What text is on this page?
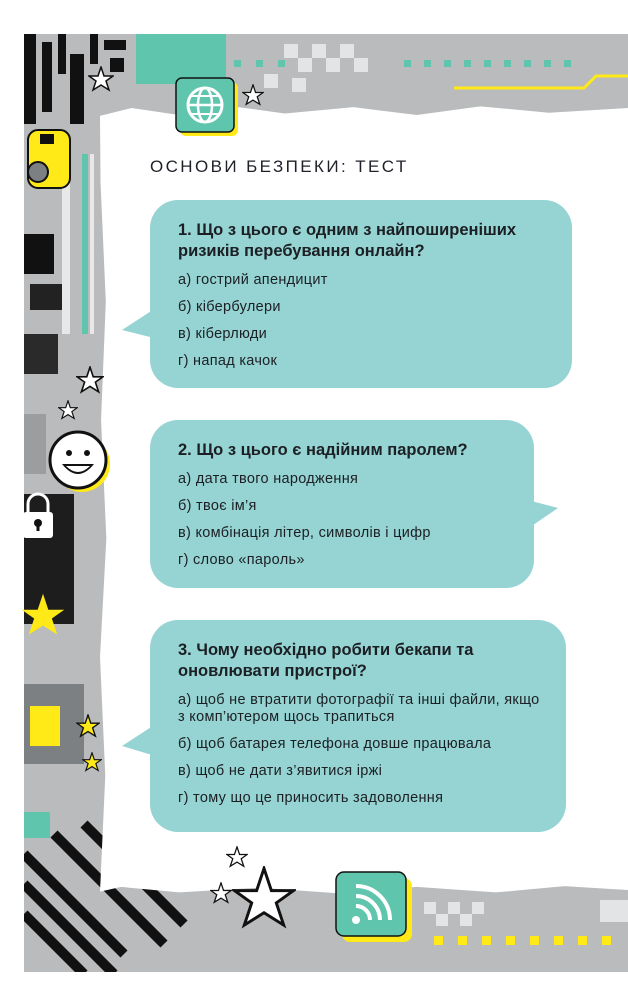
ОСНОВИ БЕЗПЕКИ: ТЕСТ

1. Що з цього є одним з найпоширеніших ризиків перебування онлайн?

а) гострий апендицит
б) кібербулери
в) кіберлюди
г) напад качок

2. Що з цього є надійним паролем?

а) дата твого народження
б) твоє ім’я
в) комбінація літер, символів і цифр
г) слово «пароль»

3. Чому необхідно робити бекапи та оновлювати пристрої?

а) щоб не втратити фотографії та інші файли, якщо з комп’ютером щось трапиться
б) щоб батарея телефона довше працювала
в) щоб не дати з’явитися іржі
г) тому що це приносить задоволення
